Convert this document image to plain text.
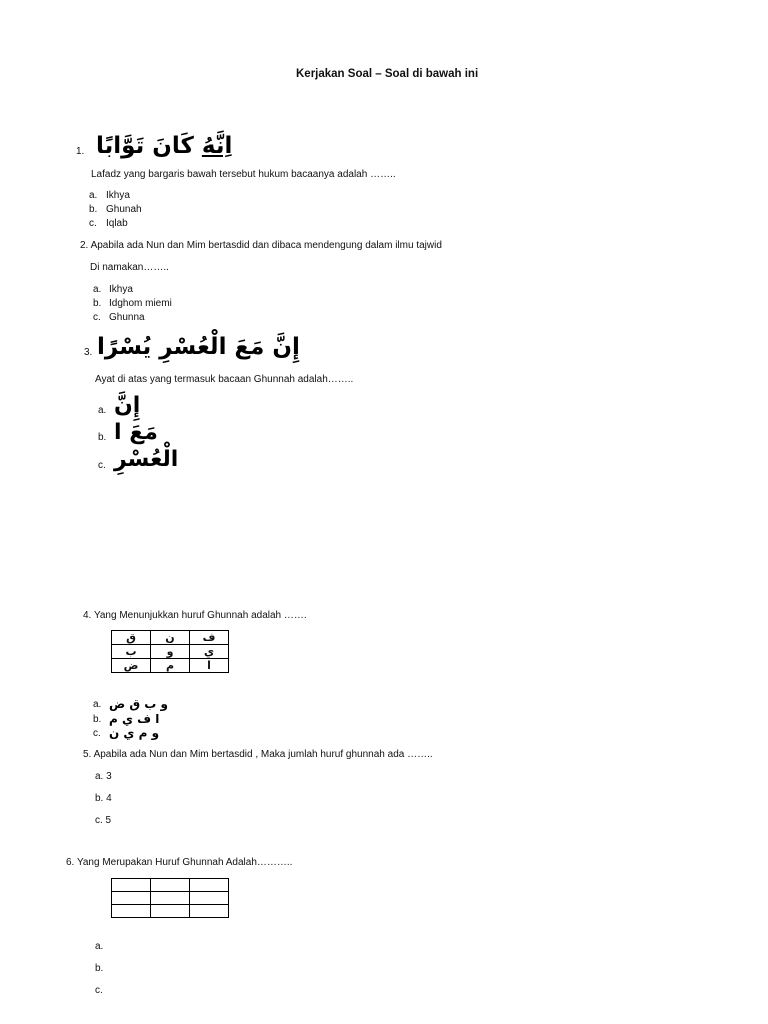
Kerjakan Soal – Soal di bawah ini
1.	اِنَّهُ كَانَ تَوَّابًا
Lafadz yang bargaris bawah tersebut hukum bacaanya adalah ……..
a. Ikhya
b. Ghunah
c. Iqlab
2. Apabila ada Nun dan Mim bertasdid dan dibaca mendengung dalam ilmu tajwid
Di namakan……..
a. Ikhya
b. Idghom miemi
c. Ghunna
3. إِنَّ مَعَ الْعُسْرِ يُسْرًا
Ayat di atas yang termasuk bacaan Ghunnah adalah……..
a. إِنَّ
b. مَعَ ا
c. الْعُسْرِ
4. Yang Menunjukkan huruf Ghunnah adalah …….
ق	ن	ف
ب	و	ي
ض	م	ا
a. و ب ق ض
b. ا ف ي م
c. و م ي ن
5. Apabila ada Nun dan Mim bertasdid , Maka jumlah huruf ghunnah ada ……..
a. 3
b. 4
c. 5
6. Yang Merupakan Huruf Ghunnah Adalah………..

a.
b.
c.
